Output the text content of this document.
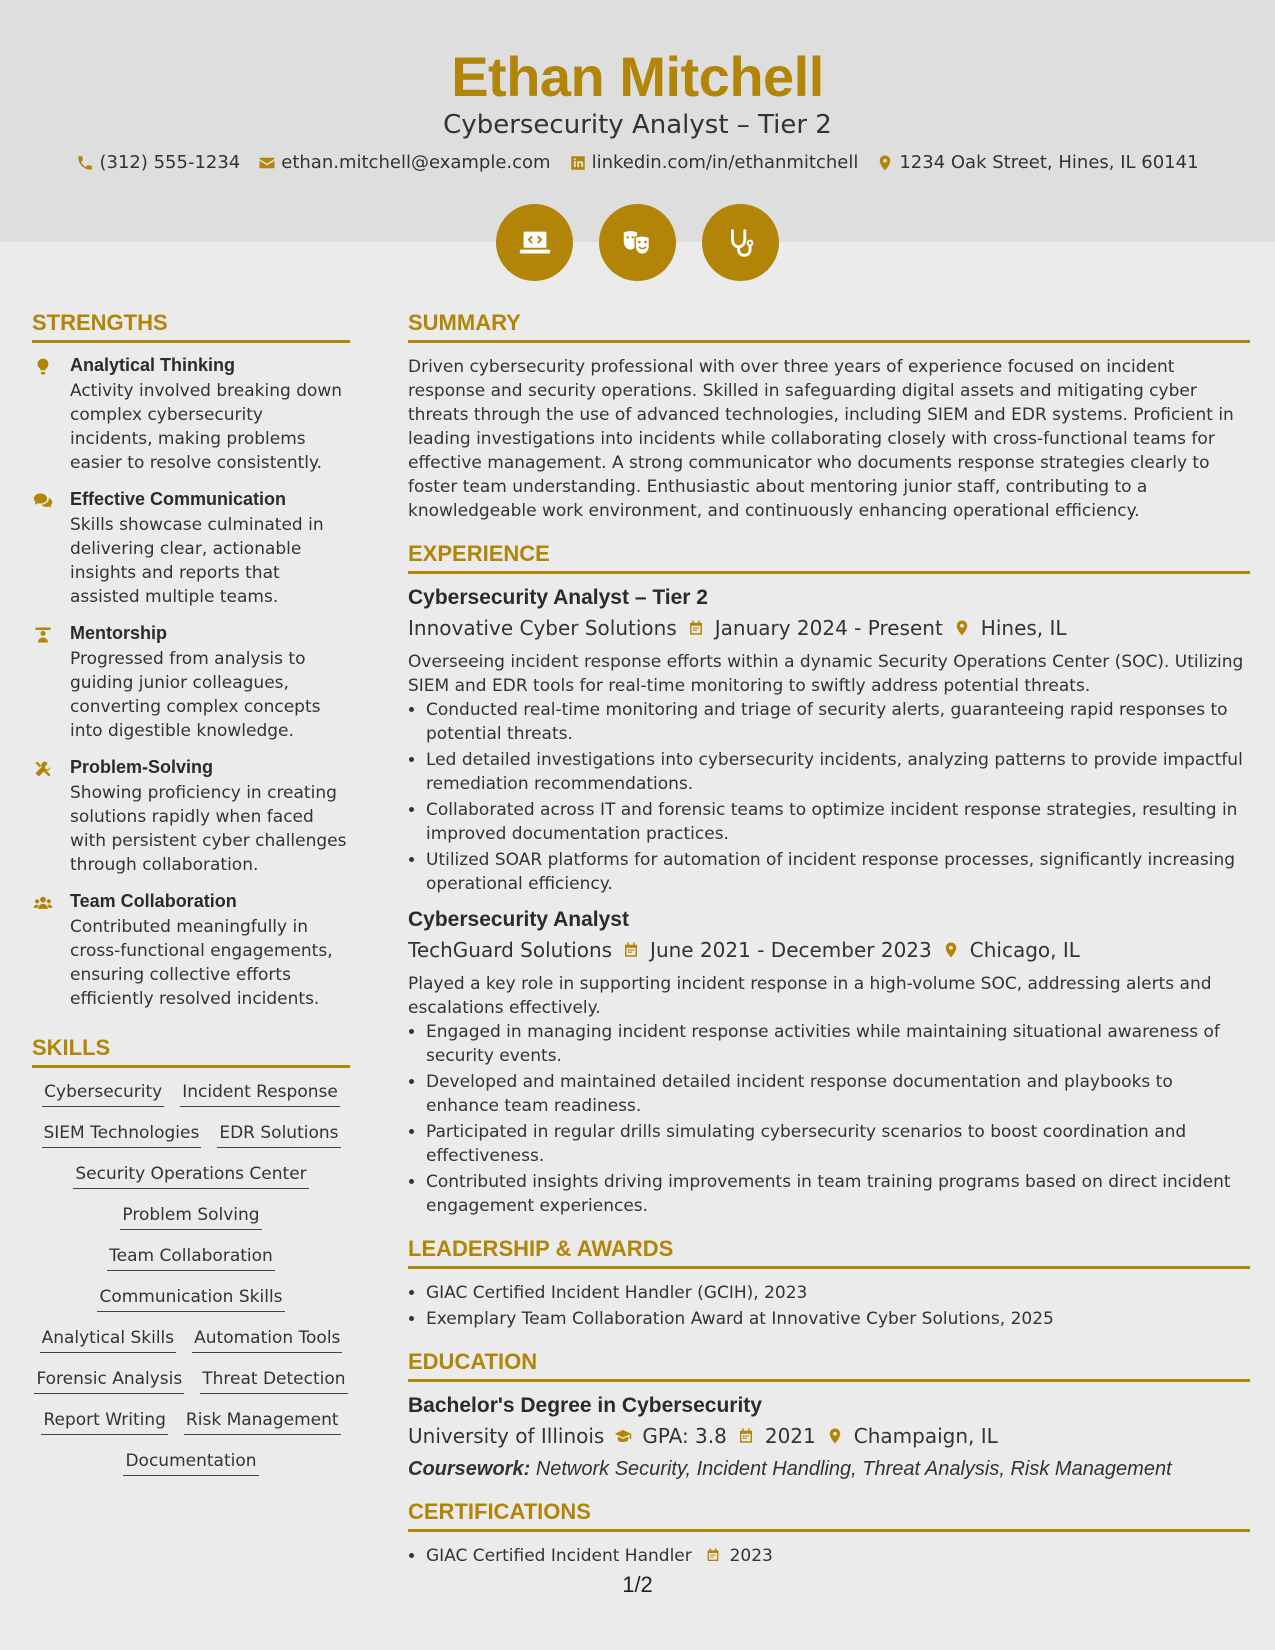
Ethan Mitchell
Cybersecurity Analyst – Tier 2
(312) 555-1234 ethan.mitchell@example.com linkedin.com/in/ethanmitchell 1234 Oak Street, Hines, IL 60141
STRENGTHS
Analytical Thinking
Activity involved breaking down complex cybersecurity incidents, making problems easier to resolve consistently.
Effective Communication
Skills showcase culminated in delivering clear, actionable insights and reports that assisted multiple teams.
Mentorship
Progressed from analysis to guiding junior colleagues, converting complex concepts into digestible knowledge.
Problem-Solving
Showing proficiency in creating solutions rapidly when faced with persistent cyber challenges through collaboration.
Team Collaboration
Contributed meaningfully in cross-functional engagements, ensuring collective efforts efficiently resolved incidents.
SKILLS
Cybersecurity Incident Response
SIEM Technologies EDR Solutions
Security Operations Center
Problem Solving
Team Collaboration
Communication Skills
Analytical Skills Automation Tools
Forensic Analysis Threat Detection
Report Writing Risk Management
Documentation
SUMMARY

Driven cybersecurity professional with over three years of experience focused on incident response and security operations. Skilled in safeguarding digital assets and mitigating cyber threats through the use of advanced technologies, including SIEM and EDR systems. Proficient in leading investigations into incidents while collaborating closely with cross-functional teams for effective management. A strong communicator who documents response strategies clearly to foster team understanding. Enthusiastic about mentoring junior staff, contributing to a knowledgeable work environment, and continuously enhancing operational efficiency.

EXPERIENCE
Cybersecurity Analyst – Tier 2
Innovative Cyber Solutions January 2024 - Present Hines, IL

Overseeing incident response efforts within a dynamic Security Operations Center (SOC). Utilizing SIEM and EDR tools for real-time monitoring to swiftly address potential threats.

• Conducted real-time monitoring and triage of security alerts, guaranteeing rapid responses to potential threats.
• Led detailed investigations into cybersecurity incidents, analyzing patterns to provide impactful remediation recommendations.
• Collaborated across IT and forensic teams to optimize incident response strategies, resulting in improved documentation practices.
• Utilized SOAR platforms for automation of incident response processes, significantly increasing operational efficiency.
Cybersecurity Analyst
TechGuard Solutions June 2021 - December 2023 Chicago, IL

Played a key role in supporting incident response in a high-volume SOC, addressing alerts and escalations effectively.

• Engaged in managing incident response activities while maintaining situational awareness of security events.
• Developed and maintained detailed incident response documentation and playbooks to enhance team readiness.
• Participated in regular drills simulating cybersecurity scenarios to boost coordination and effectiveness.
• Contributed insights driving improvements in team training programs based on direct incident engagement experiences.
LEADERSHIP & AWARDS
• GIAC Certified Incident Handler (GCIH), 2023
• Exemplary Team Collaboration Award at Innovative Cyber Solutions, 2025
EDUCATION
Bachelor's Degree in Cybersecurity
University of Illinois GPA: 3.8 2021 Champaign, IL
Coursework: Network Security, Incident Handling, Threat Analysis, Risk Management
CERTIFICATIONS
• GIAC Certified Incident Handler 2023
1/2
